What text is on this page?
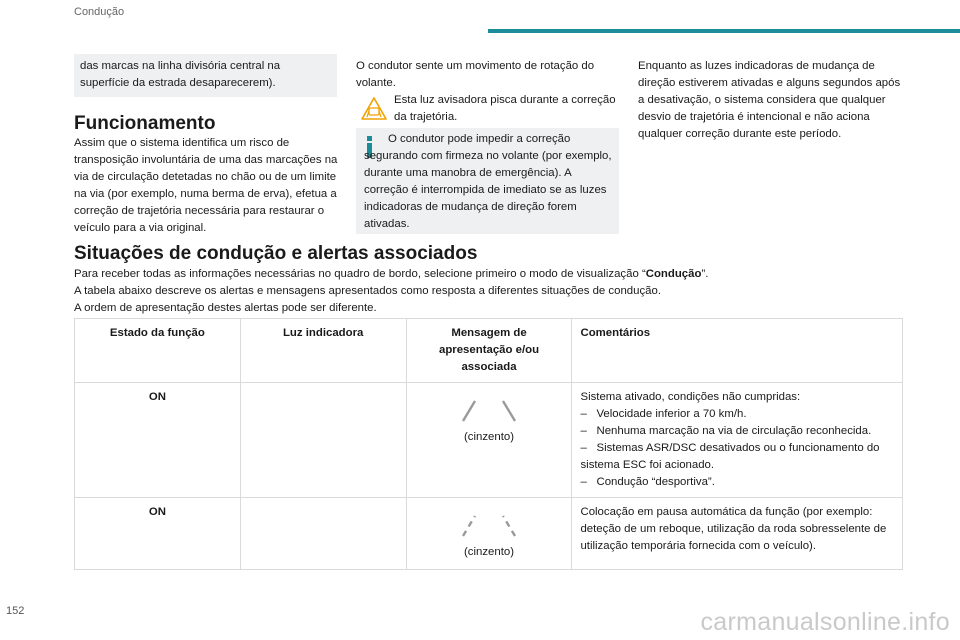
Condução
das marcas na linha divisória central na superfície da estrada desaparecerem).
Funcionamento
Assim que o sistema identifica um risco de transposição involuntária de uma das marcações na via de circulação detetadas no chão ou de um limite na via (por exemplo, numa berma de erva), efetua a correção de trajetória necessária para restaurar o veículo para a via original.
O condutor sente um movimento de rotação do volante.
Esta luz avisadora pisca durante a correção da trajetória.
O condutor pode impedir a correção segurando com firmeza no volante (por exemplo, durante uma manobra de emergência). A correção é interrompida de imediato se as luzes indicadoras de mudança de direção forem ativadas.
Enquanto as luzes indicadoras de mudança de direção estiverem ativadas e alguns segundos após a desativação, o sistema considera que qualquer desvio de trajetória é intencional e não aciona qualquer correção durante este período.
Situações de condução e alertas associados
Para receber todas as informações necessárias no quadro de bordo, selecione primeiro o modo de visualização “Condução”.
A tabela abaixo descreve os alertas e mensagens apresentados como resposta a diferentes situações de condução.
A ordem de apresentação destes alertas pode ser diferente.
Estado da função	Luz indicadora	Mensagem de apresentação e/ou associada	Comentários
ON		(cinzento)	Sistema ativado, condições não cumpridas:
– Velocidade inferior a 70 km/h.
– Nenhuma marcação na via de circulação reconhecida.
– Sistemas ASR/DSC desativados ou o funcionamento do sistema ESC foi acionado.
– Condução “desportiva”.

ON		(cinzento)	Colocação em pausa automática da função (por exemplo: deteção de um reboque, utilização da roda sobresselente de utilização temporária fornecida com o veículo).
152	carmanualsonline.info
